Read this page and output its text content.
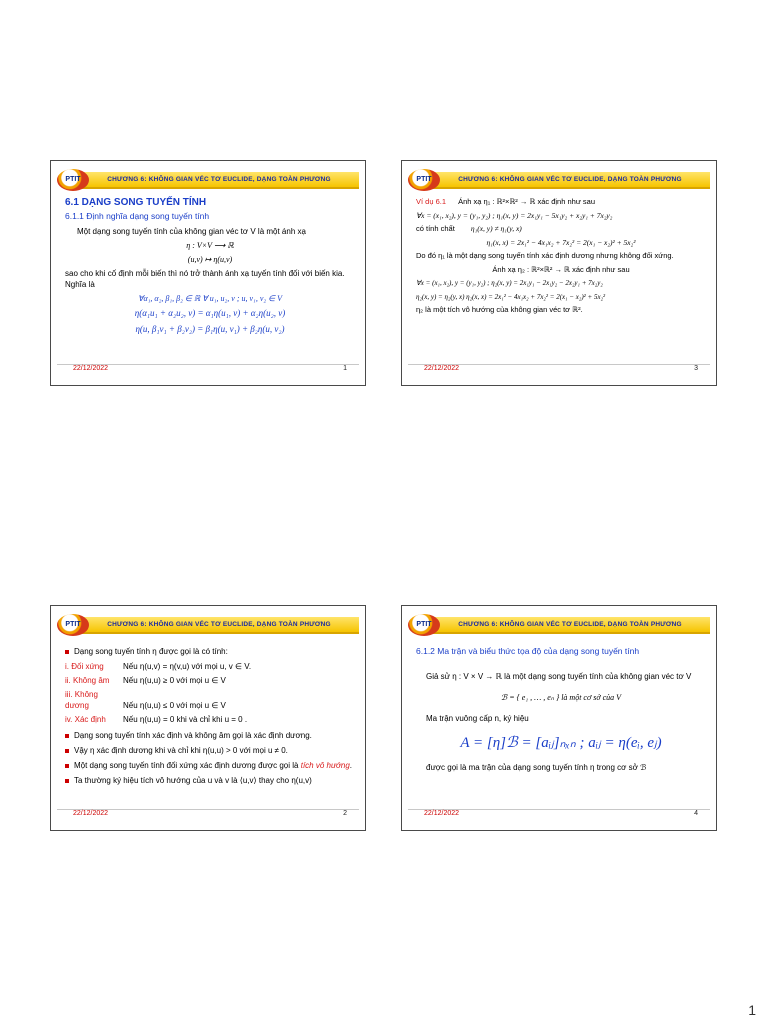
CHƯƠNG 6: KHÔNG GIAN VÉC TƠ EUCLIDE, DẠNG TOÀN PHƯƠNG
PTIT
6.1 DẠNG SONG TUYẾN TÍNH
6.1.1 Định nghĩa dạng song tuyến tính

Một dạng song tuyến tính của không gian véc tơ V là một ánh xạ

η : V×V ⟶ ℝ

(u,v) ↦ η(u,v)

sao cho khi cố định mỗi biến thì nó trở thành ánh xạ tuyến tính đối với biến kia. Nghĩa là

∀α₁, α₂, β₁, β₂ ∈ ℝ ∀ u₁, u₂, v ; u, v₁, v₂ ∈ V

η(α₁u₁ + α₂u₂, v) = α₁η(u₁, v) + α₂η(u₂, v)

η(u, β₁v₁ + β₂v₂) = β₁η(u, v₁) + β₂η(u, v₂)

22/12/2022	1
CHƯƠNG 6: KHÔNG GIAN VÉC TƠ EUCLIDE, DẠNG TOÀN PHƯƠNG
PTIT

Ví dụ 6.1 Ánh xạ η₁ : ℝ²×ℝ² → ℝ xác định như sau

∀x = (x₁, x₂), y = (y₁, y₂) ; η₁(x, y) = 2x₁y₁ − 5x₁y₂ + x₂y₁ + 7x₂y₂

có tính chất η₁(x, y) ≠ η₁(y, x)

η₁(x, x) = 2x₁² − 4x₁x₂ + 7x₂² = 2(x₁ − x₂)² + 5x₂²

Do đó η₁ là một dạng song tuyến tính xác định dương nhưng không đối xứng.

Ánh xạ η₂ : ℝ²×ℝ² → ℝ xác định như sau

∀x = (x₁, x₂), y = (y₁, y₂) ; η₂(x, y) = 2x₁y₁ − 2x₁y₂ − 2x₂y₁ + 7x₂y₂

η₂(x, y) = η₂(y, x) η₂(x, x) = 2x₁² − 4x₁x₂ + 7x₂² = 2(x₁ − x₂)² + 5x₂²

η₂ là một tích vô hướng của không gian véc tơ ℝ².

22/12/2022	3
CHƯƠNG 6: KHÔNG GIAN VÉC TƠ EUCLIDE, DẠNG TOÀN PHƯƠNG
PTIT

Dạng song tuyến tính η được gọi là có tính:

i. Đối xứng Nếu η(u,v) = η(v,u) với mọi u, v ∈ V.

ii. Không âm Nếu η(u,u) ≥ 0 với mọi u ∈ V

iii. Không dương	Nếu η(u,u) ≤ 0 với mọi u ∈ V

iv. Xác định Nếu η(u,u) = 0 khi và chỉ khi u = 0 .

Dạng song tuyến tính xác định và không âm gọi là xác định dương.

Vậy η xác định dương khi và chỉ khi η(u,u) > 0 với mọi u ≠ 0.

Một dạng song tuyến tính đối xứng xác định dương được gọi là tích vô hướng.

Ta thường ký hiệu tích vô hướng của u và v là ⟨u,v⟩ thay cho η(u,v)

22/12/2022	2
CHƯƠNG 6: KHÔNG GIAN VÉC TƠ EUCLIDE, DẠNG TOÀN PHƯƠNG
PTIT
6.1.2 Ma trận và biểu thức tọa độ của dạng song tuyến tính

Giả sử η : V × V → ℝ là một dạng song tuyến tính của không gian véc tơ V

ℬ = { e₁ , … , eₙ } là một cơ sở của V

Ma trận vuông cấp n, ký hiệu

A = [η]ℬ = [aᵢⱼ]ₙₓₙ ; aᵢⱼ = η(eᵢ, eⱼ)

được gọi là ma trận của dạng song tuyến tính η trong cơ sở ℬ

22/12/2022	4
1
